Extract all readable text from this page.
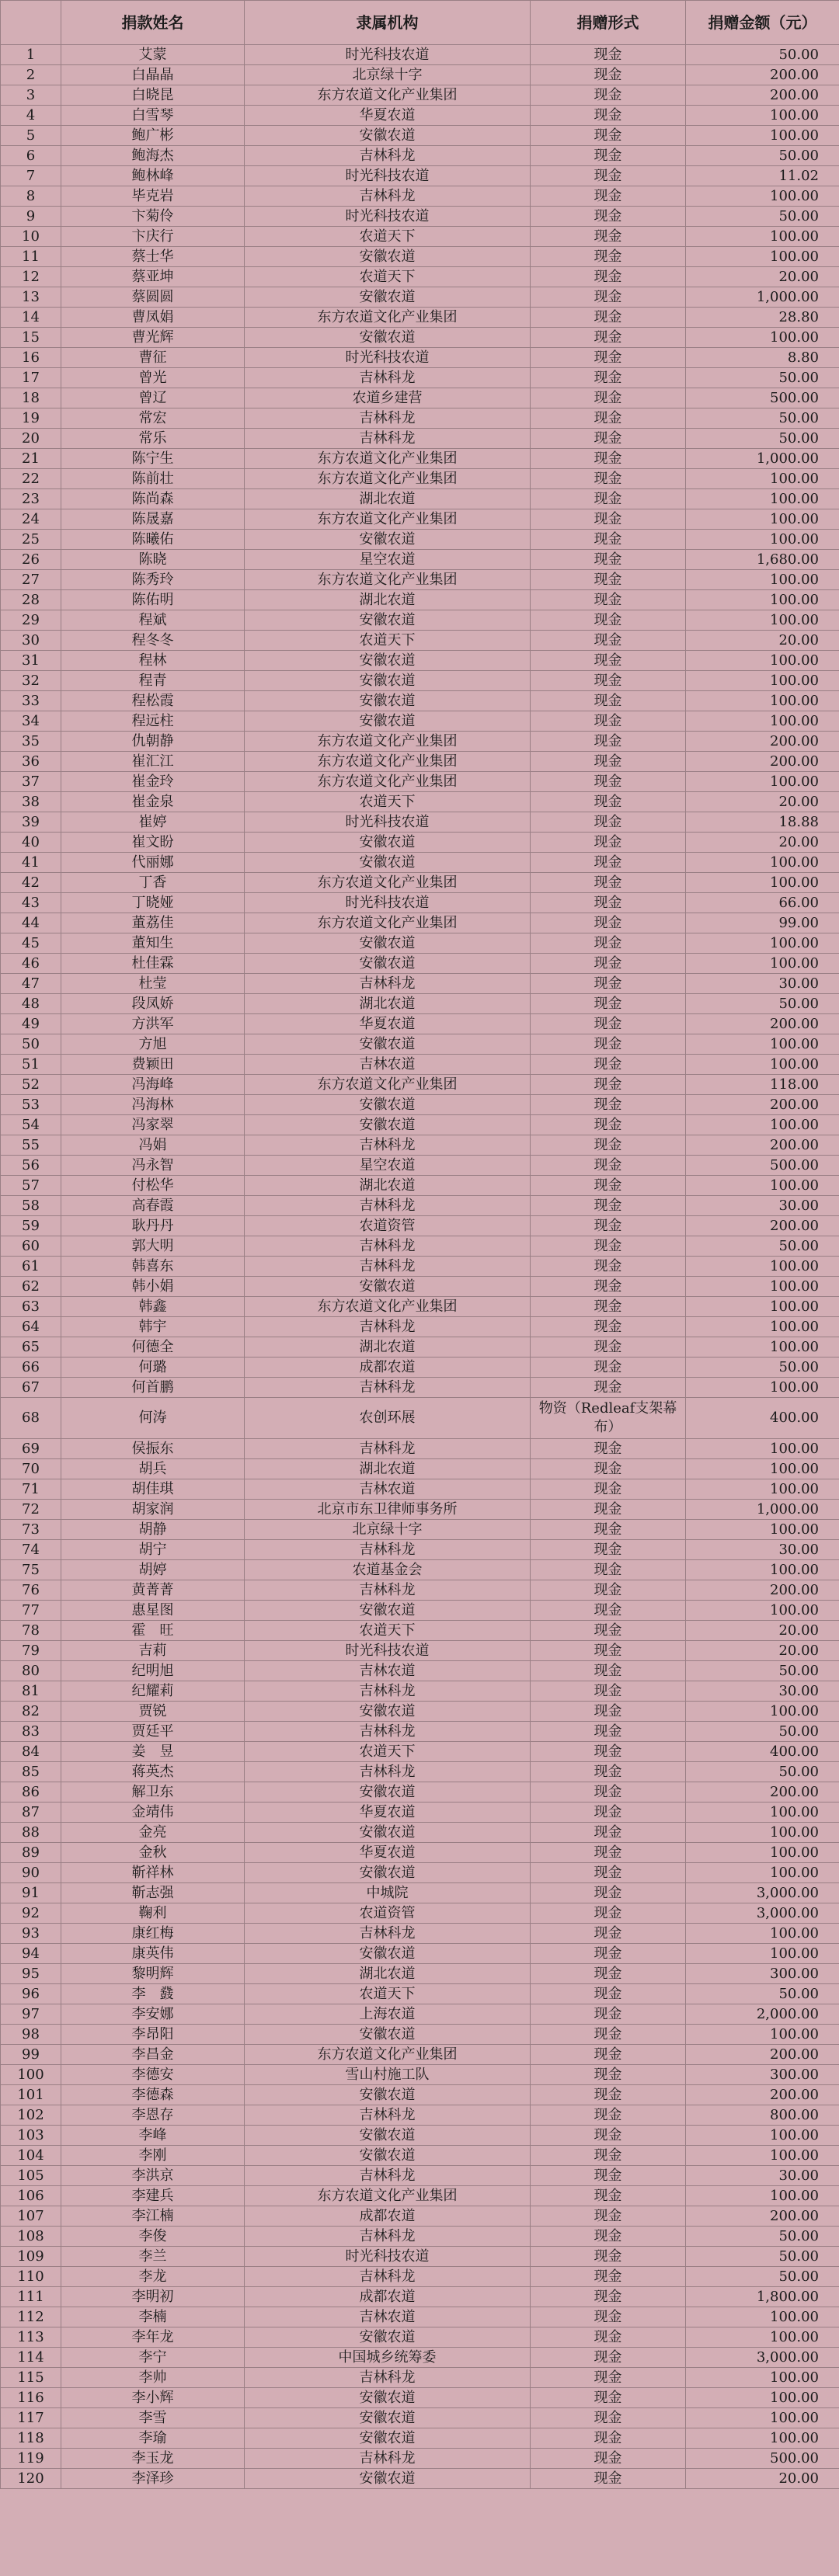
	捐款姓名	隶属机构	捐赠形式	捐赠金额（元）
1	艾蒙	时光科技农道	现金	50.00
2	白晶晶	北京绿十字	现金	200.00
3	白晓昆	东方农道文化产业集团	现金	200.00
4	白雪琴	华夏农道	现金	100.00
5	鲍广彬	安徽农道	现金	100.00
6	鲍海杰	吉林科龙	现金	50.00
7	鲍林峰	时光科技农道	现金	11.02
8	毕克岩	吉林科龙	现金	100.00
9	卞菊伶	时光科技农道	现金	50.00
10	卞庆行	农道天下	现金	100.00
11	蔡士华	安徽农道	现金	100.00
12	蔡亚坤	农道天下	现金	20.00
13	蔡圆圆	安徽农道	现金	1,000.00
14	曹凤娟	东方农道文化产业集团	现金	28.80
15	曹光辉	安徽农道	现金	100.00
16	曹征	时光科技农道	现金	8.80
17	曾光	吉林科龙	现金	50.00
18	曾辽	农道乡建营	现金	500.00
19	常宏	吉林科龙	现金	50.00
20	常乐	吉林科龙	现金	50.00
21	陈宁生	东方农道文化产业集团	现金	1,000.00
22	陈前壮	东方农道文化产业集团	现金	100.00
23	陈尚森	湖北农道	现金	100.00
24	陈晟嘉	东方农道文化产业集团	现金	100.00
25	陈曦佑	安徽农道	现金	100.00
26	陈晓	星空农道	现金	1,680.00
27	陈秀玲	东方农道文化产业集团	现金	100.00
28	陈佑明	湖北农道	现金	100.00
29	程斌	安徽农道	现金	100.00
30	程冬冬	农道天下	现金	20.00
31	程林	安徽农道	现金	100.00
32	程青	安徽农道	现金	100.00
33	程松霞	安徽农道	现金	100.00
34	程远柱	安徽农道	现金	100.00
35	仇朝静	东方农道文化产业集团	现金	200.00
36	崔汇江	东方农道文化产业集团	现金	200.00
37	崔金玲	东方农道文化产业集团	现金	100.00
38	崔金泉	农道天下	现金	20.00
39	崔婷	时光科技农道	现金	18.88
40	崔文盼	安徽农道	现金	20.00
41	代丽娜	安徽农道	现金	100.00
42	丁香	东方农道文化产业集团	现金	100.00
43	丁晓娅	时光科技农道	现金	66.00
44	董荔佳	东方农道文化产业集团	现金	99.00
45	董知生	安徽农道	现金	100.00
46	杜佳霖	安徽农道	现金	100.00
47	杜莹	吉林科龙	现金	30.00
48	段凤娇	湖北农道	现金	50.00
49	方洪军	华夏农道	现金	200.00
50	方旭	安徽农道	现金	100.00
51	费颖田	吉林农道	现金	100.00
52	冯海峰	东方农道文化产业集团	现金	118.00
53	冯海林	安徽农道	现金	200.00
54	冯家翠	安徽农道	现金	100.00
55	冯娟	吉林科龙	现金	200.00
56	冯永智	星空农道	现金	500.00
57	付松华	湖北农道	现金	100.00
58	高春霞	吉林科龙	现金	30.00
59	耿丹丹	农道资管	现金	200.00
60	郭大明	吉林科龙	现金	50.00
61	韩喜东	吉林科龙	现金	100.00
62	韩小娟	安徽农道	现金	100.00
63	韩鑫	东方农道文化产业集团	现金	100.00
64	韩宇	吉林科龙	现金	100.00
65	何德全	湖北农道	现金	100.00
66	何璐	成都农道	现金	50.00
67	何首鹏	吉林科龙	现金	100.00
68	何涛	农创环展	物资（Redleaf支架幕布）	400.00
69	侯振东	吉林科龙	现金	100.00
70	胡兵	湖北农道	现金	100.00
71	胡佳琪	吉林农道	现金	100.00
72	胡家润	北京市东卫律师事务所	现金	1,000.00
73	胡静	北京绿十字	现金	100.00
74	胡宁	吉林科龙	现金	30.00
75	胡婷	农道基金会	现金	100.00
76	黄菁菁	吉林科龙	现金	200.00
77	惠星图	安徽农道	现金	100.00
78	霍　旺	农道天下	现金	20.00
79	吉莉	时光科技农道	现金	20.00
80	纪明旭	吉林农道	现金	50.00
81	纪耀莉	吉林科龙	现金	30.00
82	贾锐	安徽农道	现金	100.00
83	贾廷平	吉林科龙	现金	50.00
84	姜　昱	农道天下	现金	400.00
85	蒋英杰	吉林科龙	现金	50.00
86	解卫东	安徽农道	现金	200.00
87	金靖伟	华夏农道	现金	100.00
88	金亮	安徽农道	现金	100.00
89	金秋	华夏农道	现金	100.00
90	靳祥林	安徽农道	现金	100.00
91	靳志强	中城院	现金	3,000.00
92	鞠利	农道资管	现金	3,000.00
93	康红梅	吉林科龙	现金	100.00
94	康英伟	安徽农道	现金	100.00
95	黎明辉	湖北农道	现金	300.00
96	李　鼗	农道天下	现金	50.00
97	李安娜	上海农道	现金	2,000.00
98	李昂阳	安徽农道	现金	100.00
99	李昌金	东方农道文化产业集团	现金	200.00
100	李德安	雪山村施工队	现金	300.00
101	李德森	安徽农道	现金	200.00
102	李恩存	吉林科龙	现金	800.00
103	李峰	安徽农道	现金	100.00
104	李刚	安徽农道	现金	100.00
105	李洪京	吉林科龙	现金	30.00
106	李建兵	东方农道文化产业集团	现金	100.00
107	李江楠	成都农道	现金	200.00
108	李俊	吉林科龙	现金	50.00
109	李兰	时光科技农道	现金	50.00
110	李龙	吉林科龙	现金	50.00
111	李明初	成都农道	现金	1,800.00
112	李楠	吉林农道	现金	100.00
113	李年龙	安徽农道	现金	100.00
114	李宁	中国城乡统筹委	现金	3,000.00
115	李帅	吉林科龙	现金	100.00
116	李小辉	安徽农道	现金	100.00
117	李雪	安徽农道	现金	100.00
118	李瑜	安徽农道	现金	100.00
119	李玉龙	吉林科龙	现金	500.00
120	李泽珍	安徽农道	现金	20.00
